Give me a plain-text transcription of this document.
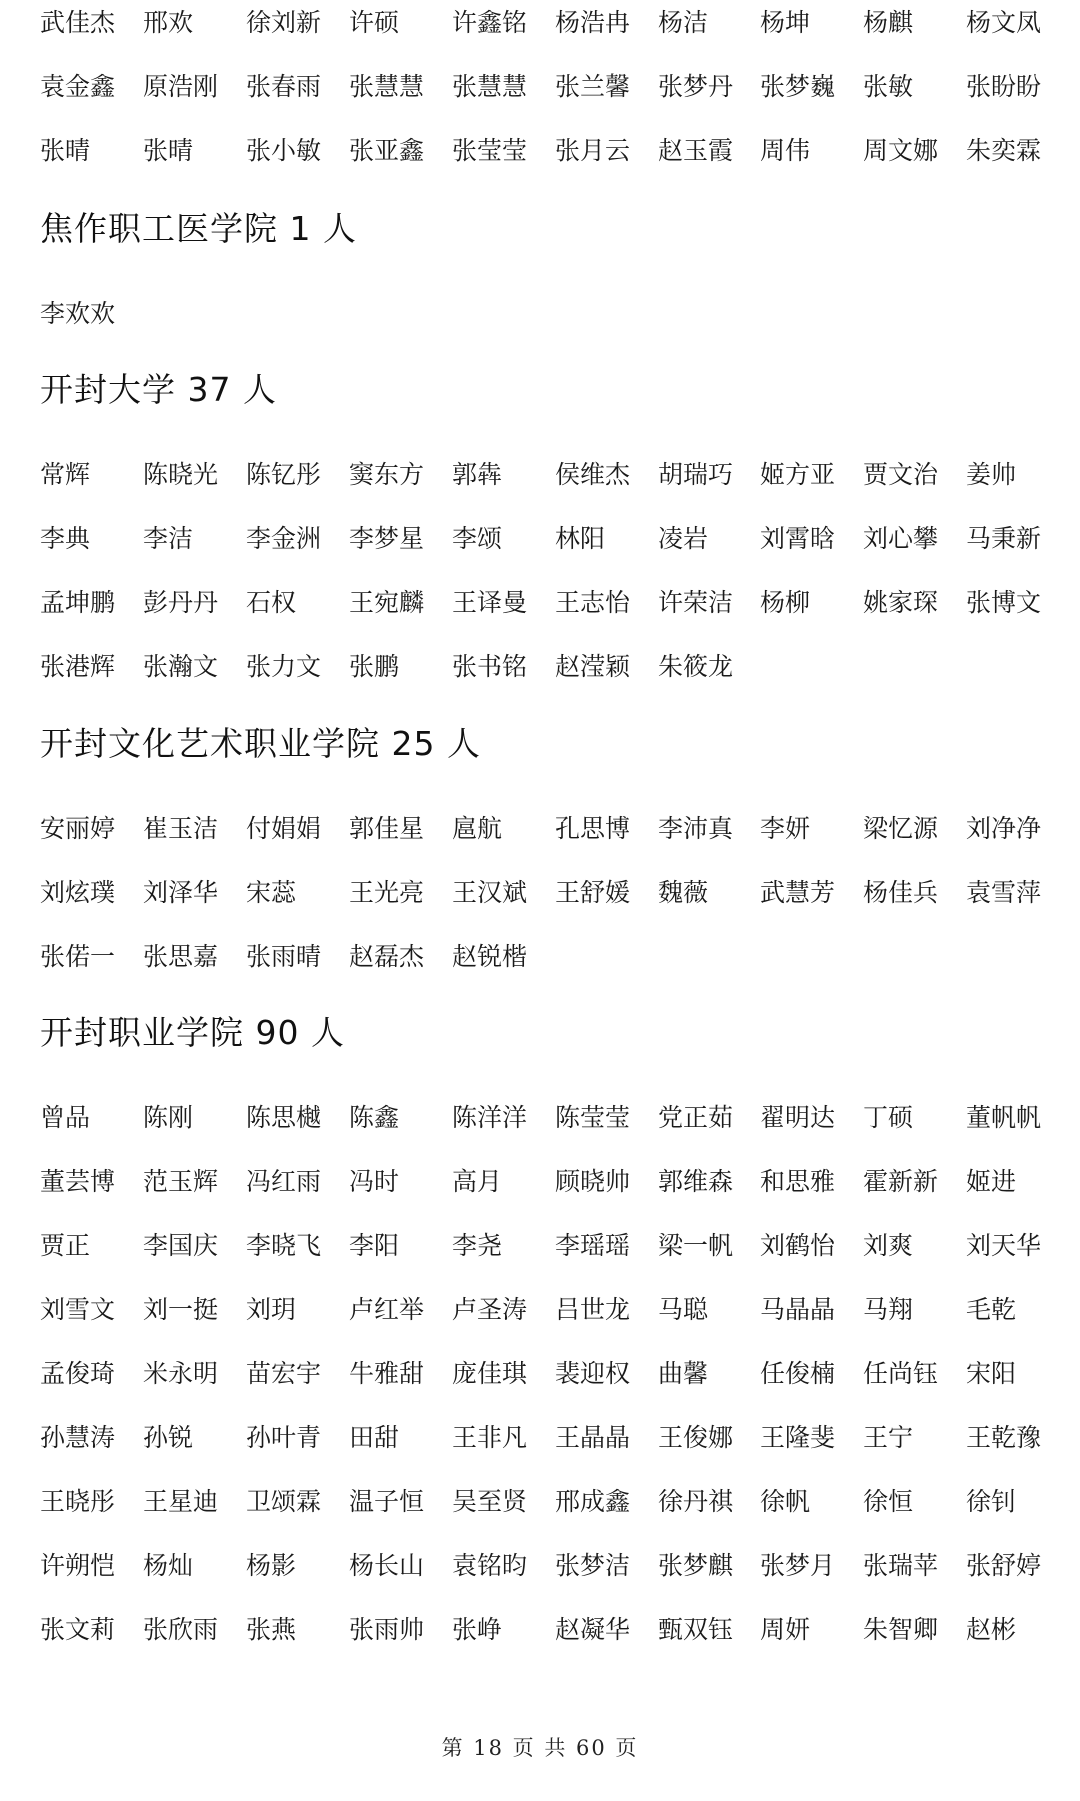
武佳杰 邢欢 徐刘新 许硕 许鑫铭 杨浩冉 杨洁 杨坤 杨麒 杨文凤
袁金鑫 原浩刚 张春雨 张慧慧 张慧慧 张兰馨 张梦丹 张梦巍 张敏 张盼盼
张晴 张晴 张小敏 张亚鑫 张莹莹 张月云 赵玉霞 周伟 周文娜 朱奕霖
焦作职工医学院 1 人
李欢欢
开封大学 37 人
常辉 陈晓光 陈钇彤 窦东方 郭犇 侯维杰 胡瑞巧 姬方亚 贾文治 姜帅
李典 李洁 李金洲 李梦星 李颂 林阳 凌岩 刘霄晗 刘心攀 马秉新
孟坤鹏 彭丹丹 石权 王宛麟 王译曼 王志怡 许荣洁 杨柳 姚家琛 张博文
张港辉 张瀚文 张力文 张鹏 张书铭 赵滢颖 朱筱龙
开封文化艺术职业学院 25 人
安丽婷 崔玉洁 付娟娟 郭佳星 扈航 孔思博 李沛真 李妍 梁忆源 刘净净
刘炫璞 刘泽华 宋蕊 王光亮 王汉斌 王舒媛 魏薇 武慧芳 杨佳兵 袁雪萍
张偌一 张思嘉 张雨晴 赵磊杰 赵锐楷
开封职业学院 90 人
曾品 陈刚 陈思樾 陈鑫 陈洋洋 陈莹莹 党正茹 翟明达 丁硕 董帆帆
董芸博 范玉辉 冯红雨 冯时 高月 顾晓帅 郭维森 和思雅 霍新新 姬进
贾正 李国庆 李晓飞 李阳 李尧 李瑶瑶 梁一帆 刘鹤怡 刘爽 刘天华
刘雪文 刘一挺 刘玥 卢红举 卢圣涛 吕世龙 马聪 马晶晶 马翔 毛乾
孟俊琦 米永明 苗宏宇 牛雅甜 庞佳琪 裴迎权 曲馨 任俊楠 任尚钰 宋阳
孙慧涛 孙锐 孙叶青 田甜 王非凡 王晶晶 王俊娜 王隆斐 王宁 王乾豫
王晓彤 王星迪 卫颂霖 温子恒 吴至贤 邢成鑫 徐丹祺 徐帆 徐恒 徐钊
许朔恺 杨灿 杨影 杨长山 袁铭昀 张梦洁 张梦麒 张梦月 张瑞苹 张舒婷
张文莉 张欣雨 张燕 张雨帅 张峥 赵凝华 甄双钰 周妍 朱智卿 赵彬
第 18 页 共 60 页
